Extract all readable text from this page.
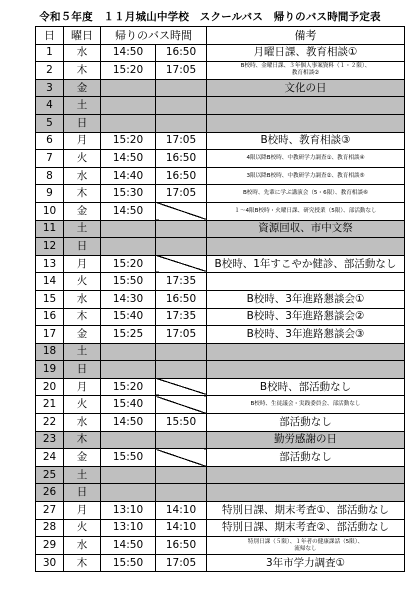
令和５年度　１１月城山中学校　スクールバス　帰りのバス時間予定表
日	曜日	帰りのバス時間		備考
1	水	14:50	16:50	月曜日課、教育相談①
2	木	15:20	17:05	B校時、金曜日課、３年個人事案資料（１・２限）、
教育相談②

3	金			文化の日
4	土			
5	日			
6	月	15:20	17:05	B校時、教育相談③
7	火	14:50	16:50	4限以降B校時、中教研学力調査①、教育相談④

8	水	14:40	16:50	3限以降B校時、中教研学力調査②、教育相談⑤

9	木	15:30	17:05	B校時、先輩に学ぶ講演会（5・6限）、教育相談⑥

10	金	14:50		１～4限B校時・火曜日課、研究授業（5限）、部活動なし

11	土			資源回収、市中文祭
12	日			
13	月	15:20		B校時、1年すこやか健診、部活動なし
14	火	15:50	17:35	
15	水	14:30	16:50	B校時、3年進路懇談会①
16	木	15:40	17:35	B校時、3年進路懇談会②
17	金	15:25	17:05	B校時、3年進路懇談会③
18	土			
19	日			
20	月	15:20		B校時、部活動なし
21	火	15:40		B校時、生徒議会・実践委員会、部活動なし

22	水	14:50	15:50	部活動なし
23	木			勤労感謝の日
24	金	15:50		部活動なし
25	土			
26	日			
27	月	13:10	14:10	特別日課、期末考査①、部活動なし
28	火	13:10	14:10	特別日課、期末考査②、部活動なし
29	水	14:50	16:50	特別日課（５限）、１年者の健康課話（5限）、
流帰なし

30	木	15:50	17:05	3年市学力調査①
